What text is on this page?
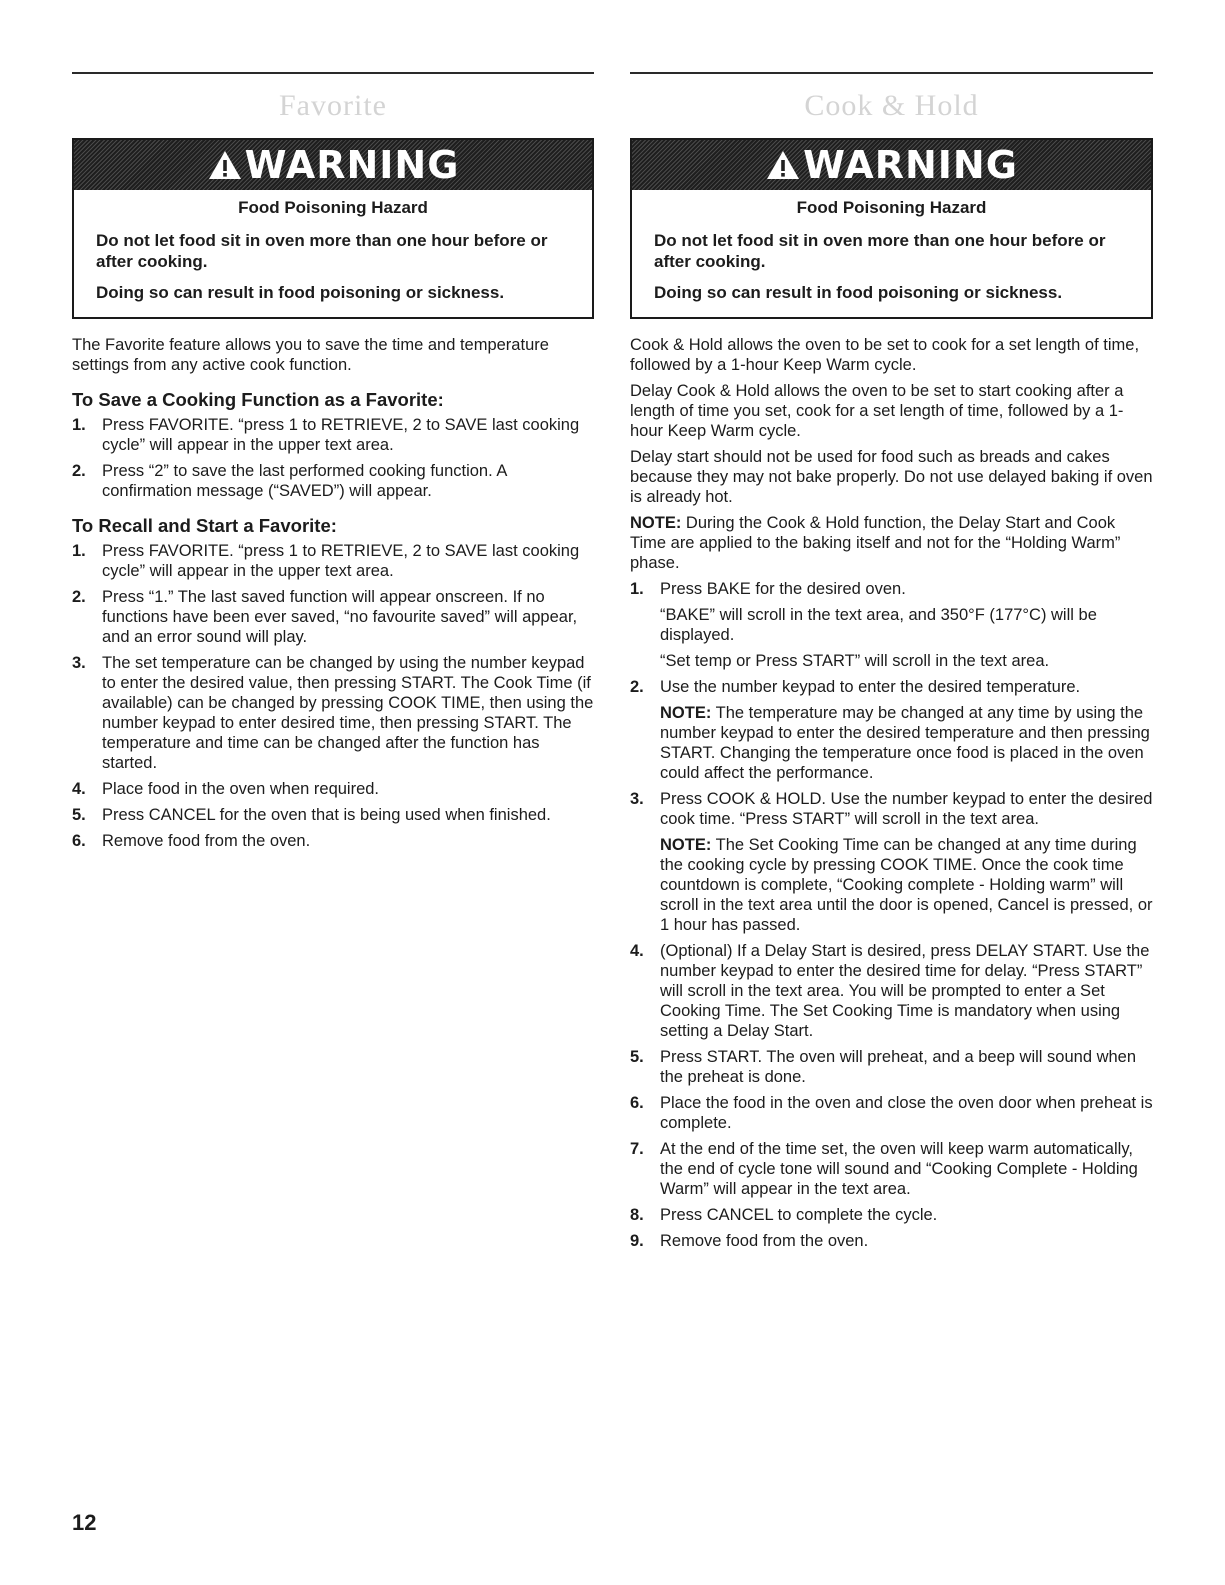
Favorite
WARNING
Food Poisoning Hazard

Do not let food sit in oven more than one hour before or after cooking.

Doing so can result in food poisoning or sickness.

The Favorite feature allows you to save the time and temperature settings from any active cook function.

To Save a Cooking Function as a Favorite:
1. Press FAVORITE. “press 1 to RETRIEVE, 2 to SAVE last cooking cycle” will appear in the upper text area.
2. Press “2” to save the last performed cooking function. A confirmation message (“SAVED”) will appear.
To Recall and Start a Favorite:
1. Press FAVORITE. “press 1 to RETRIEVE, 2 to SAVE last cooking cycle” will appear in the upper text area.
2. Press “1.” The last saved function will appear onscreen. If no functions have been ever saved, “no favourite saved” will appear, and an error sound will play.
3. The set temperature can be changed by using the number keypad to enter the desired value, then pressing START. The Cook Time (if available) can be changed by pressing COOK TIME, then using the number keypad to enter desired time, then pressing START. The temperature and time can be changed after the function has started.
4. Place food in the oven when required.
5. Press CANCEL for the oven that is being used when finished.
6. Remove food from the oven.
Cook & Hold
WARNING
Food Poisoning Hazard

Do not let food sit in oven more than one hour before or after cooking.

Doing so can result in food poisoning or sickness.

Cook & Hold allows the oven to be set to cook for a set length of time, followed by a 1-hour Keep Warm cycle.

Delay Cook & Hold allows the oven to be set to start cooking after a length of time you set, cook for a set length of time, followed by a 1-hour Keep Warm cycle.

Delay start should not be used for food such as breads and cakes because they may not bake properly. Do not use delayed baking if oven is already hot.

NOTE: During the Cook & Hold function, the Delay Start and Cook Time are applied to the baking itself and not for the “Holding Warm” phase.

1. Press BAKE for the desired oven.

“BAKE” will scroll in the text area, and 350°F (177°C) will be displayed.

“Set temp or Press START” will scroll in the text area.

2. Use the number keypad to enter the desired temperature.

NOTE: The temperature may be changed at any time by using the number keypad to enter the desired temperature and then pressing START. Changing the temperature once food is placed in the oven could affect the performance.

3. Press COOK & HOLD. Use the number keypad to enter the desired cook time. “Press START” will scroll in the text area.

NOTE: The Set Cooking Time can be changed at any time during the cooking cycle by pressing COOK TIME. Once the cook time countdown is complete, “Cooking complete - Holding warm” will scroll in the text area until the door is opened, Cancel is pressed, or 1 hour has passed.

4. (Optional) If a Delay Start is desired, press DELAY START. Use the number keypad to enter the desired time for delay. “Press START” will scroll in the text area. You will be prompted to enter a Set Cooking Time. The Set Cooking Time is mandatory when using setting a Delay Start.
5. Press START. The oven will preheat, and a beep will sound when the preheat is done.
6. Place the food in the oven and close the oven door when preheat is complete.
7. At the end of the time set, the oven will keep warm automatically, the end of cycle tone will sound and “Cooking Complete - Holding Warm” will appear in the text area.
8. Press CANCEL to complete the cycle.
9. Remove food from the oven.
12
